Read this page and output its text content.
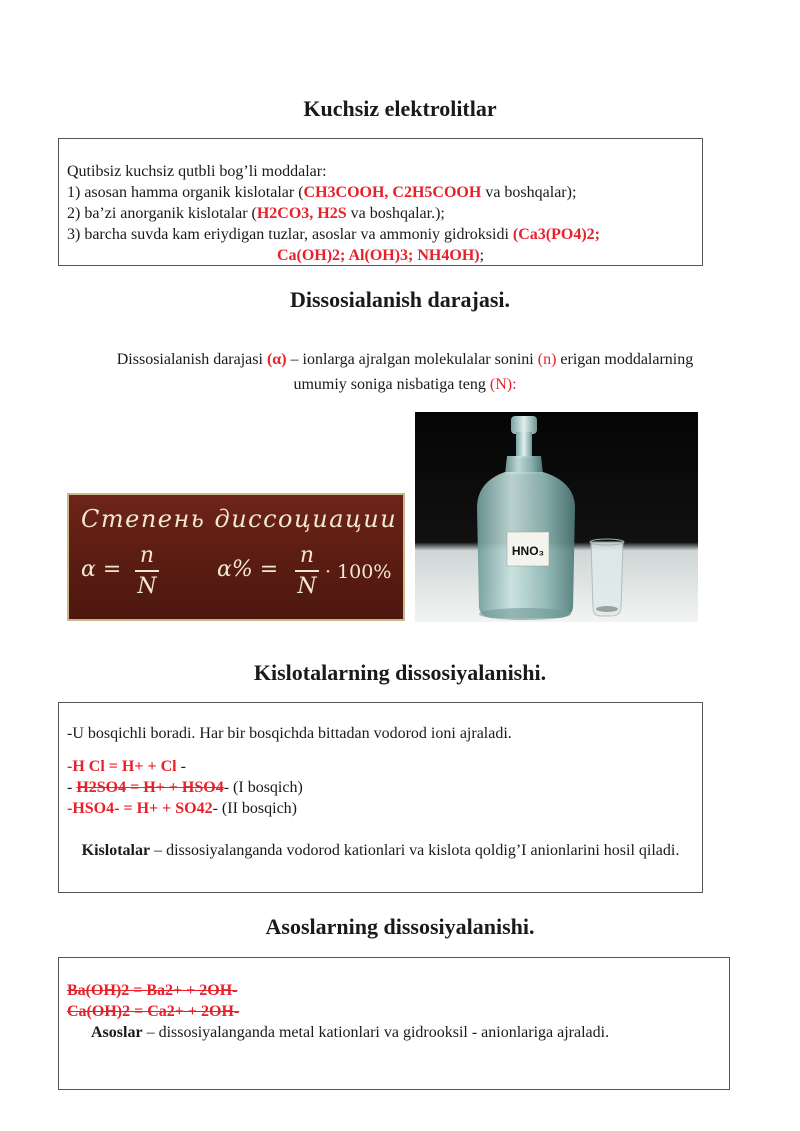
Kuchsiz elektrolitlar

Qutibsiz kuchsiz qutbli bog’li moddalar:

1) asosan hamma organik kislotalar (CH3COOH, C2H5COOH va boshqalar);

2) ba’zi anorganik kislotalar (H2CO3, H2S va boshqalar.);

3) barcha suvda kam eriydigan tuzlar, asoslar va ammoniy gidroksidi (Ca3(PO4)2;

Ca(OH)2; Al(OH)3; NH4OH);

Dissosialanish darajasi.
Dissosialanish darajasi (α) – ionlarga ajralgan molekulalar sonini (n) erigan moddalarning umumiy soniga nisbatiga teng (N):
Степень диссоциации
α =
n
N
α% =
n
N
· 100%
HNO₃
Kislotalarning dissosiyalanishi.

-U bosqichli boradi. Har bir bosqichda bittadan vodorod ioni ajraladi.

-H Cl = H+ + Cl -

- H2SO4 = H+ + HSO4- (I bosqich)

-HSO4- = H+ + SO42- (II bosqich)

Kislotalar – dissosiyalanganda vodorod kationlari va kislota qoldig’I anionlarini hosil qiladi.

Asoslarning dissosiyalanishi.

Ba(OH)2 = Ba2+ + 2OH-

Ca(OH)2 = Ca2+ + 2OH-

Asoslar – dissosiyalanganda metal kationlari va gidrooksil - anionlariga ajraladi.
